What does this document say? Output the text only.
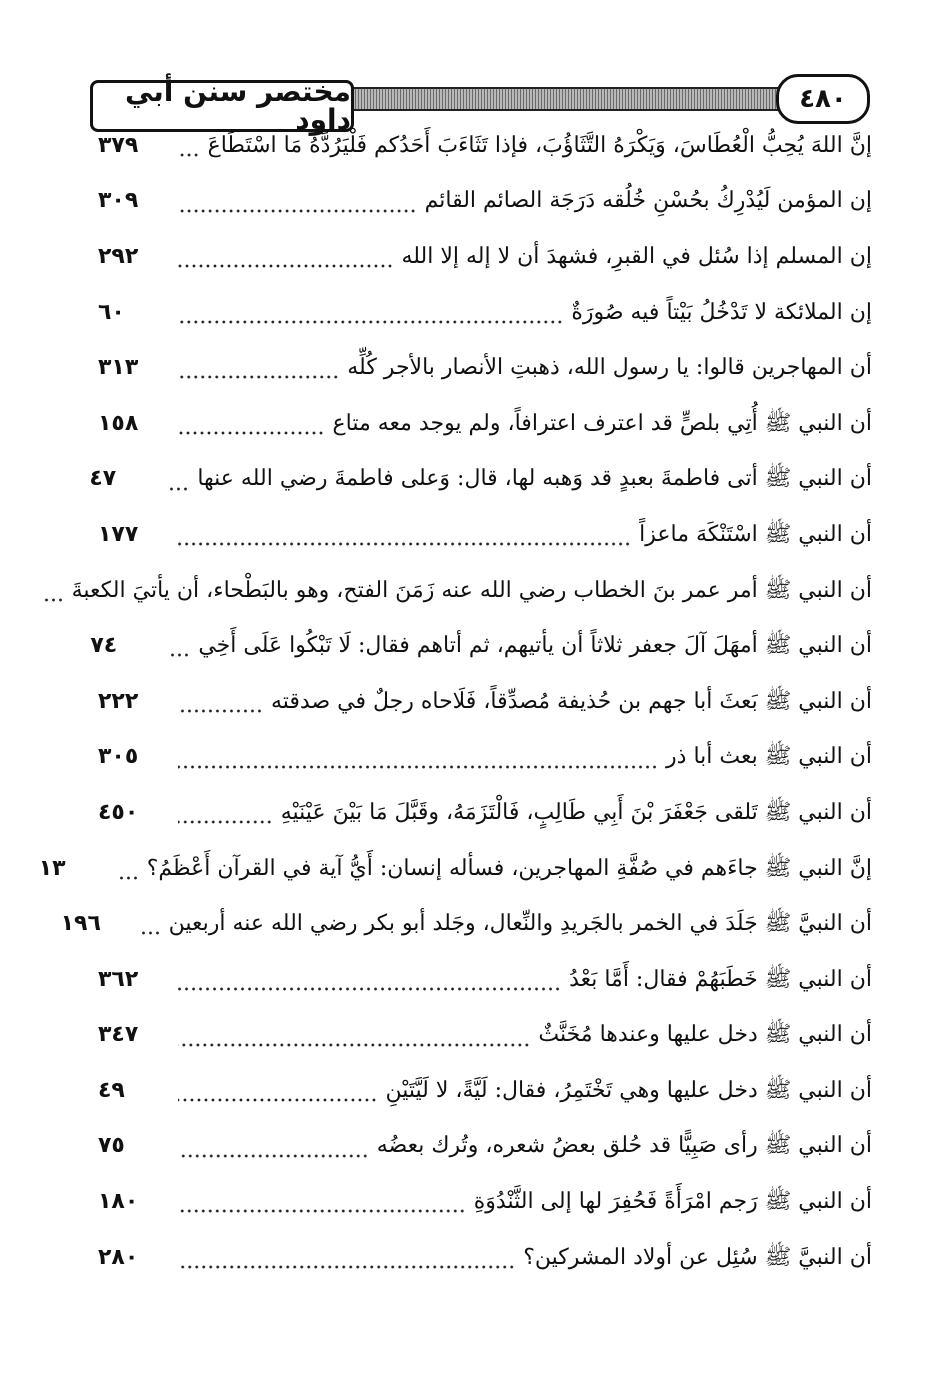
مختصر سنن أبي داود
٤٨٠
إنَّ اللهَ يُحِبُّ الْعُطَاسَ، وَيَكْرَهُ التَّثَاؤُبَ، فإذا تَثَاءَبَ أَحَدُكم فَلْيَرُدَّهُ مَا اسْتَطَاعَ
٣٧٩
إن المؤمن لَيُدْرِكُ بحُسْنِ خُلُقه دَرَجَة الصائم القائم
٣٠٩
إن المسلم إذا سُئل في القبرِ، فشهدَ أن لا إله إلا الله
٢٩٢
إن الملائكة لا تَدْخُلُ بَيْتاً فيه صُورَةٌ
٦٠
أن المهاجرين قالوا: يا رسول الله، ذهبتِ الأنصار بالأجر كُلِّه
٣١٣
أن النبي ﷺ أُتِي بلصٍّ قد اعترف اعترافاً، ولم يوجد معه متاع
١٥٨
أن النبي ﷺ أتى فاطمةَ بعبدٍ قد وَهبه لها، قال: وَعلى فاطمةَ رضي الله عنها
٤٧
أن النبي ﷺ اسْتَنْكَهَ ماعزاً
١٧٧
أن النبي ﷺ أمر عمر بنَ الخطاب رضي الله عنه زَمَنَ الفتح، وهو بالبَطْحاء، أن يأتيَ الكعبةَ
أن النبي ﷺ أمهَلَ آلَ جعفر ثلاثاً أن يأتيهم، ثم أتاهم فقال: لَا تَبْكُوا عَلَى أَخِي
٧٤
أن النبي ﷺ بَعثَ أبا جهم بن حُذيفة مُصدِّقاً، فَلَاحاه رجلٌ في صدقته
٢٢٢
أن النبي ﷺ بعث أبا ذر
٣٠٥
أن النبي ﷺ تَلقى جَعْفَرَ بْنَ أَبِي طَالِبٍ، فَالْتَزَمَهُ، وقَبَّلَ مَا بَيْنَ عَيْنَيْهِ
٤٥٠
إنَّ النبي ﷺ جاءَهم في صُفَّةِ المهاجرين، فسأله إنسان: أَيُّ آية في القرآن أَعْظَمُ؟
١٣
أن النبيَّ ﷺ جَلَدَ في الخمر بالجَريدِ والنِّعال، وجَلد أبو بكر رضي الله عنه أربعين
١٩٦
أن النبي ﷺ خَطَبَهُمْ فقال: أَمَّا بَعْدُ
٣٦٢
أن النبي ﷺ دخل عليها وعندها مُخَنَّثٌ
٣٤٧
أن النبي ﷺ دخل عليها وهي تَخْتَمِرُ، فقال: لَيَّةً، لا لَيَّتَيْنِ
٤٩
أن النبي ﷺ رأى صَبِيًّا قد حُلق بعضُ شعره، وتُرك بعضُه
٧٥
أن النبي ﷺ رَجم امْرَأَةً فَحُفِرَ لها إلى الثَّنْدُوَةِ
١٨٠
أن النبيَّ ﷺ سُئِل عن أولاد المشركين؟
٢٨٠
